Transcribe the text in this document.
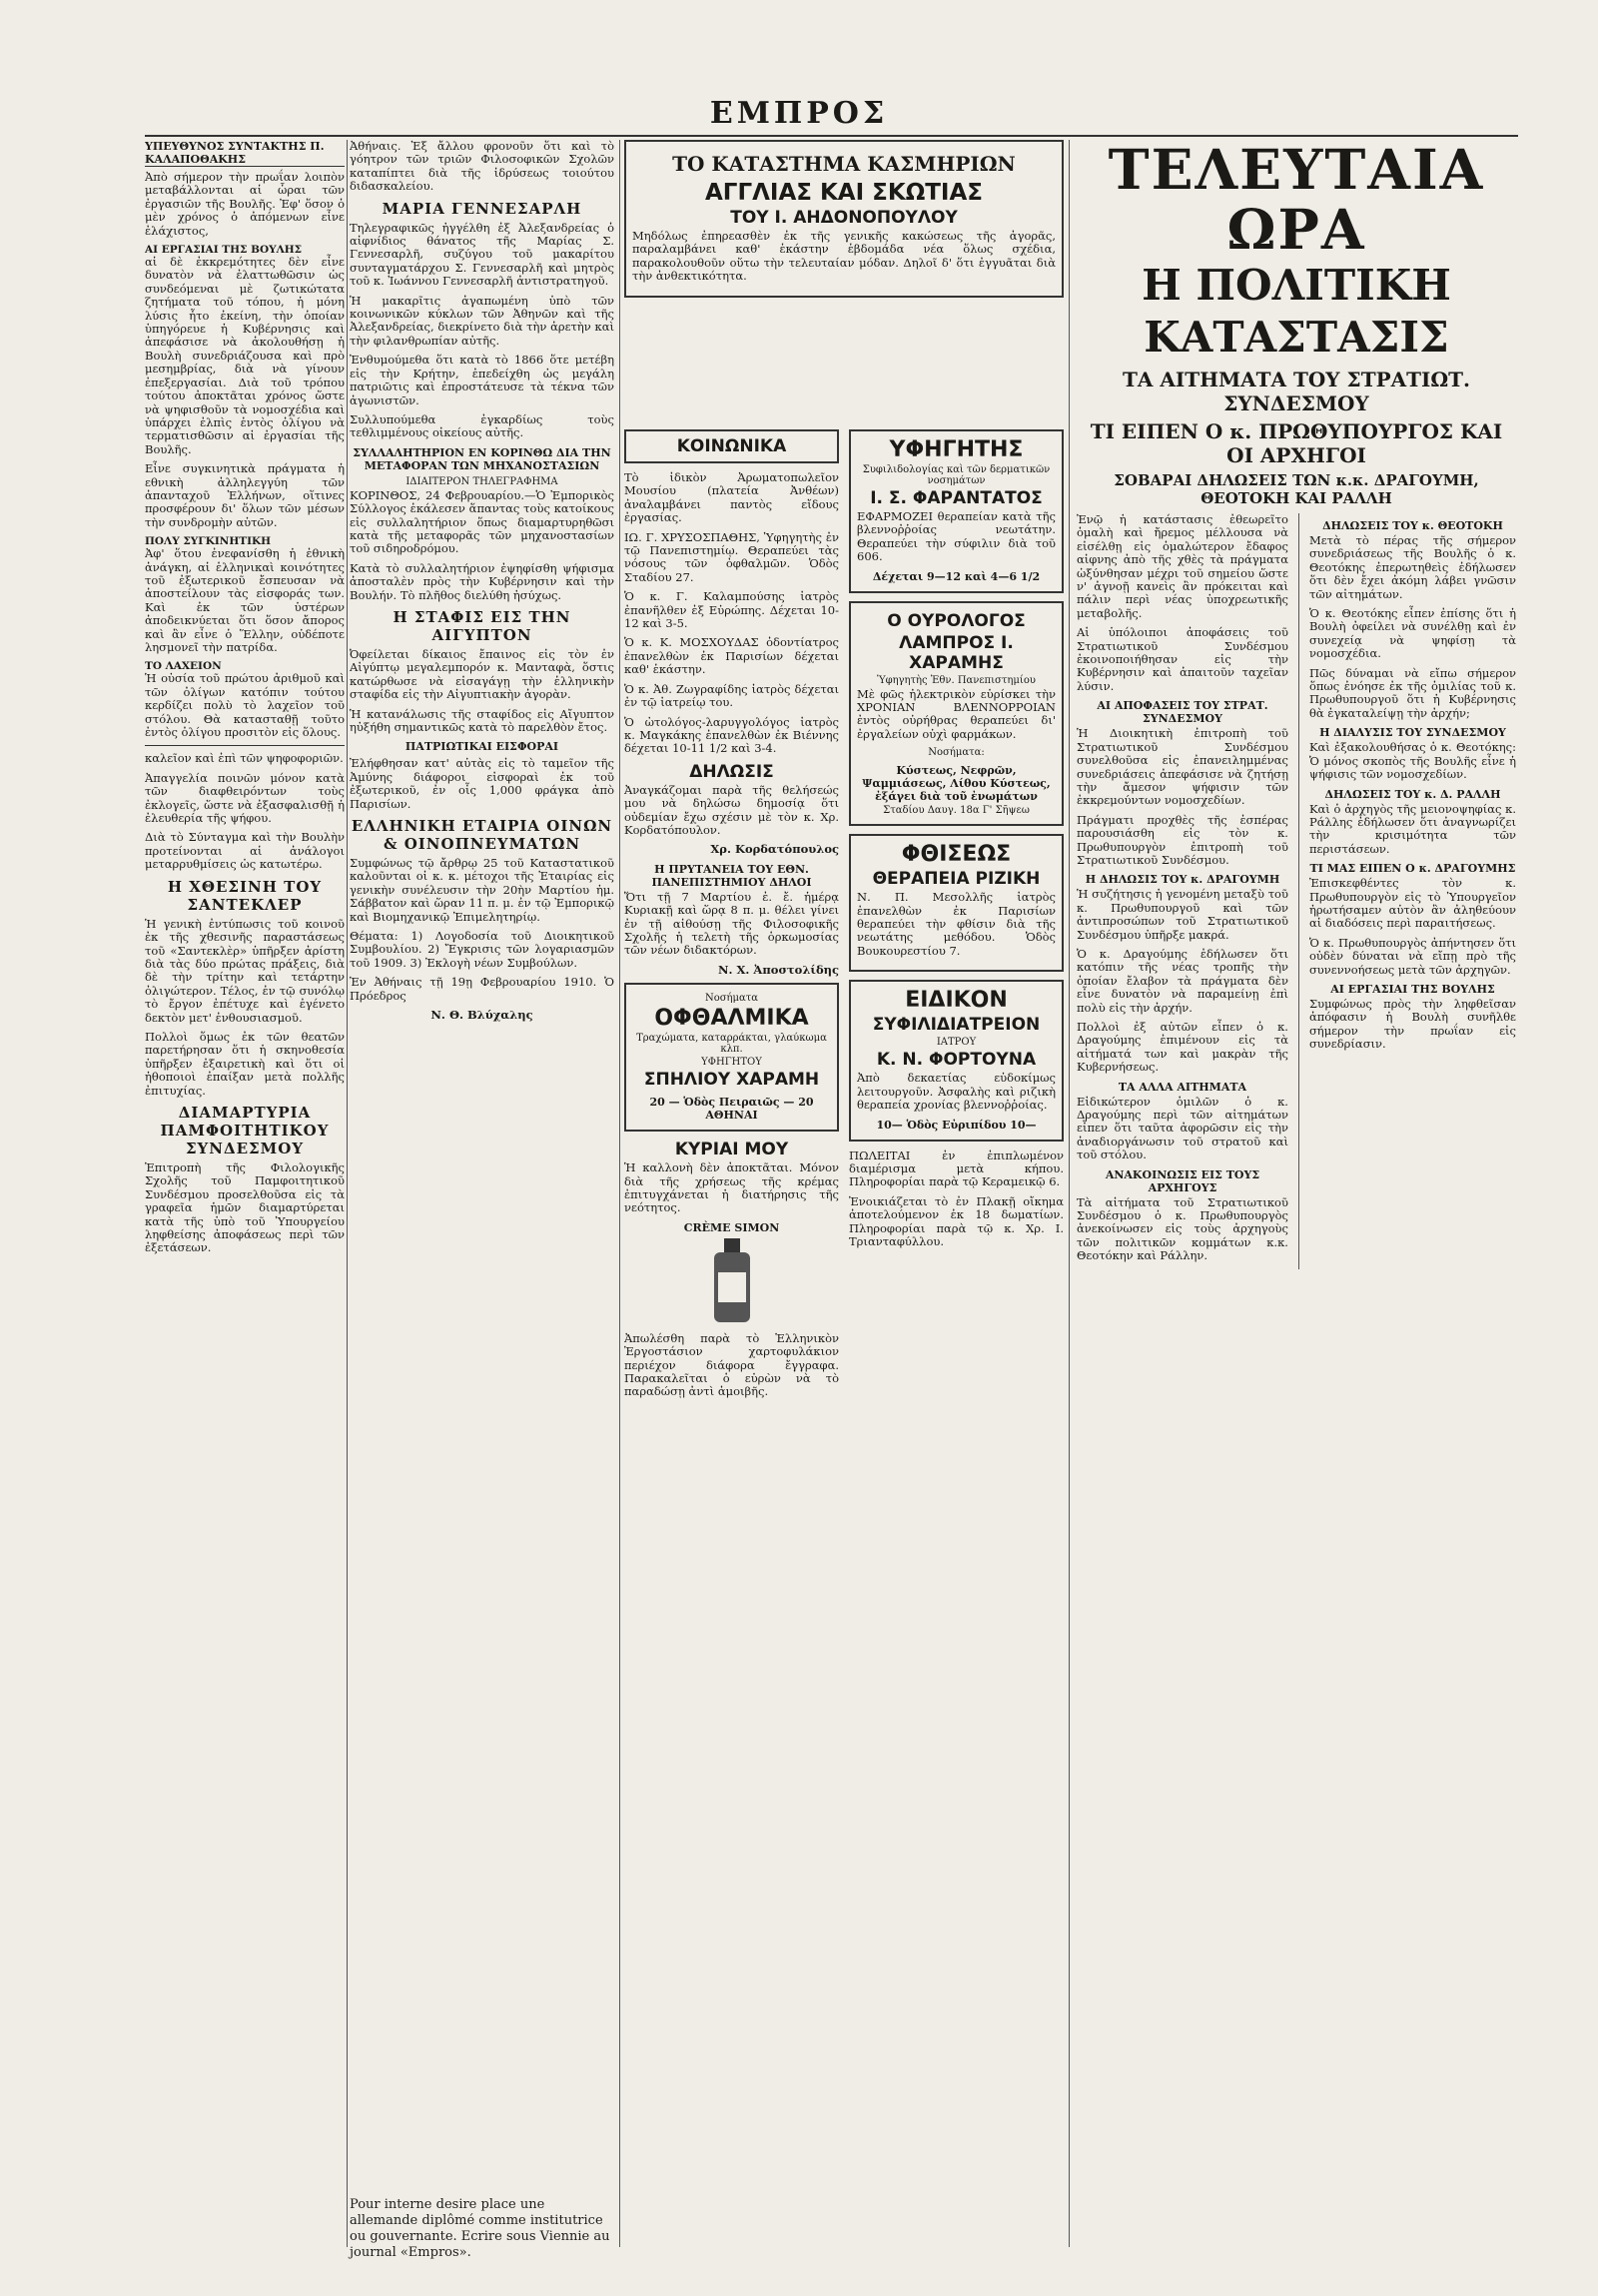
ΕΜΠΡΟΣ
ΥΠΕΥΘΥΝΟΣ ΣΥΝΤΑΚΤΗΣ Π. ΚΑΛΑΠΟΘΑΚΗΣ

Ἀπὸ σήμερον τὴν πρωΐαν λοιπὸν μεταβάλλονται αἱ ὧραι τῶν ἐργασιῶν τῆς Βουλῆς. Ἐφ' ὅσον ὁ μὲν χρόνος ὁ ἀπόμενων εἶνε ἐλάχιστος,

ΑΙ ΕΡΓΑΣΙΑΙ ΤΗΣ ΒΟΥΛΗΣ

αἱ δὲ ἐκκρεμότητες δὲν εἶνε δυνατὸν νὰ ἐλαττωθῶσιν ὡς συνδεόμεναι μὲ ζωτικώτατα ζητήματα τοῦ τόπου, ἡ μόνη λύσις ἦτο ἐκείνη, τὴν ὁποίαν ὑπηγόρευε ἡ Κυβέρνησις καὶ ἀπεφάσισε νὰ ἀκολουθήσῃ ἡ Βουλὴ συνεδριάζουσα καὶ πρὸ μεσημβρίας, διὰ νὰ γίνουν ἐπεξεργασίαι. Διὰ τοῦ τρόπου τούτου ἀποκτᾶται χρόνος ὥστε νὰ ψηφισθοῦν τὰ νομοσχέδια καὶ ὑπάρχει ἐλπὶς ἐντὸς ὀλίγου νὰ τερματισθῶσιν αἱ ἐργασίαι τῆς Βουλῆς.

Εἶνε συγκινητικὰ πράγματα ἡ εθνικὴ ἀλληλεγγύη τῶν ἀπανταχοῦ Ἑλλήνων, οἵτινες προσφέρουν δι' ὅλων τῶν μέσων τὴν συνδρομὴν αὐτῶν.

ΠΟΛΥ ΣΥΓΚΙΝΗΤΙΚΗ

Ἀφ' ὅτου ἐνεφανίσθη ἡ ἐθνικὴ ἀνάγκη, αἱ ἑλληνικαὶ κοινότητες τοῦ ἐξωτερικοῦ ἔσπευσαν νὰ ἀποστείλουν τὰς εἰσφοράς των. Καὶ ἐκ τῶν ὑστέρων ἀποδεικνύεται ὅτι ὅσον ἄπορος καὶ ἂν εἶνε ὁ Ἕλλην, οὐδέποτε λησμονεῖ τὴν πατρίδα.

ΤΟ ΛΑΧΕΙΟΝ

Ἡ οὐσία τοῦ πρώτου ἀριθμοῦ καὶ τῶν ὀλίγων κατόπιν τούτου κερδίζει πολὺ τὸ λαχεῖον τοῦ στόλου. Θὰ κατασταθῇ τοῦτο ἐντὸς ὀλίγου προσιτὸν εἰς ὅλους.

καλεῖον καὶ ἐπὶ τῶν ψηφοφοριῶν.

Ἀπαγγελία ποινῶν μόνον κατὰ τῶν διαφθειρόντων τοὺς ἐκλογεῖς, ὥστε νὰ ἐξασφαλισθῇ ἡ ἐλευθερία τῆς ψήφου.

Διὰ τὸ Σύνταγμα καὶ τὴν Βουλὴν προτείνονται αἱ ἀνάλογοι μεταρρυθμίσεις ὡς κατωτέρω.

Η ΧΘΕΣΙΝΗ ΤΟΥ ΣΑΝΤΕΚΛΕΡ

Ἡ γενικὴ ἐντύπωσις τοῦ κοινοῦ ἐκ τῆς χθεσινῆς παραστάσεως τοῦ «Σαντεκλὲρ» ὑπῆρξεν ἀρίστη διὰ τὰς δύο πρώτας πράξεις, διὰ δὲ τὴν τρίτην καὶ τετάρτην ὀλιγώτερον. Τέλος, ἐν τῷ συνόλῳ τὸ ἔργον ἐπέτυχε καὶ ἐγένετο δεκτὸν μετ' ἐνθουσιασμοῦ.

Πολλοὶ ὅμως ἐκ τῶν θεατῶν παρετήρησαν ὅτι ἡ σκηνοθεσία ὑπῆρξεν ἐξαιρετικὴ καὶ ὅτι οἱ ἠθοποιοὶ ἐπαίξαν μετὰ πολλῆς ἐπιτυχίας.

ΔΙΑΜΑΡΤΥΡΙΑ ΠΑΜΦΟΙΤΗΤΙΚΟΥ ΣΥΝΔΕΣΜΟΥ

Ἐπιτροπὴ τῆς Φιλολογικῆς Σχολῆς τοῦ Παμφοιτητικοῦ Συνδέσμου προσελθοῦσα εἰς τὰ γραφεῖα ἡμῶν διαμαρτύρεται κατὰ τῆς ὑπὸ τοῦ Ὑπουργείου ληφθείσης ἀποφάσεως περὶ τῶν ἐξετάσεων.

Ἀθήναις. Ἐξ ἄλλου φρονοῦν ὅτι καὶ τὸ γόητρον τῶν τριῶν Φιλοσοφικῶν Σχολῶν καταπίπτει διὰ τῆς ἱδρύσεως τοιούτου διδασκαλείου.

ΜΑΡΙΑ ΓΕΝΝΕΣΑΡΛΗ

Τηλεγραφικῶς ἠγγέλθη ἐξ Ἀλεξανδρείας ὁ αἰφνίδιος θάνατος τῆς Μαρίας Σ. Γεννεσαρλῆ, συζύγου τοῦ μακαρίτου συνταγματάρχου Σ. Γεννεσαρλῆ καὶ μητρὸς τοῦ κ. Ἰωάννου Γεννεσαρλῆ ἀντιστρατηγοῦ.

Ἡ μακαρῖτις ἀγαπωμένη ὑπὸ τῶν κοινωνικῶν κύκλων τῶν Ἀθηνῶν καὶ τῆς Ἀλεξανδρείας, διεκρίνετο διὰ τὴν ἀρετὴν καὶ τὴν φιλανθρωπίαν αὐτῆς.

Ἐνθυμούμεθα ὅτι κατὰ τὸ 1866 ὅτε μετέβη εἰς τὴν Κρήτην, ἐπεδείχθη ὡς μεγάλη πατριῶτις καὶ ἐπροστάτευσε τὰ τέκνα τῶν ἀγωνιστῶν.

Συλλυπούμεθα ἐγκαρδίως τοὺς τεθλιμμένους οἰκείους αὐτῆς.

ΣΥΛΛΑΛΗΤΗΡΙΟΝ ΕΝ ΚΟΡΙΝΘΩ ΔΙΑ ΤΗΝ ΜΕΤΑΦΟΡΑΝ ΤΩΝ ΜΗΧΑΝΟΣΤΑΣΙΩΝ
ΙΔΙΑΙΤΕΡΟΝ ΤΗΛΕΓΡΑΦΗΜΑ

ΚΟΡΙΝΘΟΣ, 24 Φεβρουαρίου.—Ὁ Ἐμπορικὸς Σύλλογος ἐκάλεσεν ἅπαντας τοὺς κατοίκους εἰς συλλαλητήριον ὅπως διαμαρτυρηθῶσι κατὰ τῆς μεταφορᾶς τῶν μηχανοστασίων τοῦ σιδηροδρόμου.

Κατὰ τὸ συλλαλητήριον ἐψηφίσθη ψήφισμα ἀποσταλὲν πρὸς τὴν Κυβέρνησιν καὶ τὴν Βουλήν. Τὸ πλῆθος διελύθη ἡσύχως.

Η ΣΤΑΦΙΣ ΕΙΣ ΤΗΝ ΑΙΓΥΠΤΟΝ

Ὀφείλεται δίκαιος ἔπαινος εἰς τὸν ἐν Αἰγύπτῳ μεγαλεμπορόν κ. Μανταφὰ, ὅστις κατώρθωσε νὰ εἰσαγάγῃ τὴν ἑλληνικὴν σταφίδα εἰς τὴν Αἰγυπτιακὴν ἀγορὰν.

Ἡ κατανάλωσις τῆς σταφίδος εἰς Αἴγυπτον ηὐξήθη σημαντικῶς κατὰ τὸ παρελθὸν ἔτος.

ΠΑΤΡΙΩΤΙΚΑΙ ΕΙΣΦΟΡΑΙ

Ἐλήφθησαν κατ' αὐτὰς εἰς τὸ ταμεῖον τῆς Ἀμύνης διάφοροι εἰσφοραὶ ἐκ τοῦ ἐξωτερικοῦ, ἐν οἷς 1,000 φράγκα ἀπὸ Παρισίων.

ΕΛΛΗΝΙΚΗ ΕΤΑΙΡΙΑ ΟΙΝΩΝ & ΟΙΝΟΠΝΕΥΜΑΤΩΝ

Συμφώνως τῷ ἄρθρῳ 25 τοῦ Καταστατικοῦ καλοῦνται οἱ κ. κ. μέτοχοι τῆς Ἑταιρίας εἰς γενικὴν συνέλευσιν τὴν 20ὴν Μαρτίου ἡμ. Σάββατον καὶ ὥραν 11 π. μ. ἐν τῷ Ἐμπορικῷ καὶ Βιομηχανικῷ Ἐπιμελητηρίῳ.

Θέματα: 1) Λογοδοσία τοῦ Διοικητικοῦ Συμβουλίου. 2) Ἔγκρισις τῶν λογαριασμῶν τοῦ 1909. 3) Ἐκλογὴ νέων Συμβούλων.

Ἐν Ἀθήναις τῇ 19ῃ Φεβρουαρίου 1910. Ὁ Πρόεδρος

Ν. Θ. Βλύχαλης

Pour interne desire place une allemande diplômé comme institutrice ou gouvernante. Ecrire sous Viennie au journal «Empros».
ΤΟ ΚΑΤΑΣΤΗΜΑ ΚΑΣΜΗΡΙΩΝ
ΑΓΓΛΙΑΣ ΚΑΙ ΣΚΩΤΙΑΣ
ΤΟΥ Ι. ΑΗΔΟΝΟΠΟΥΛΟΥ

Μηδόλως ἐπηρεασθὲν ἐκ τῆς γενικῆς κακώσεως τῆς ἀγορᾶς, παραλαμβάνει καθ' ἑκάστην ἑβδομάδα νέα ὅλως σχέδια, παρακολουθοῦν οὕτω τὴν τελευταίαν μόδαν. Δηλοῖ δ' ὅτι ἐγγυᾶται διὰ τὴν ἀνθεκτικότητα.

ΚΟΙΝΩΝΙΚΑ

Τὸ ἱδικὸν Ἀρωματοπωλεῖον Μουσίου (πλατεία Ἀνθέων) ἀναλαμβάνει παντὸς εἴδους ἐργασίας.

ΙΩ. Γ. ΧΡΥΣΟΣΠΑΘΗΣ, Ὑφηγητὴς ἐν τῷ Πανεπιστημίῳ. Θεραπεύει τὰς νόσους τῶν ὀφθαλμῶν. Ὁδὸς Σταδίου 27.

Ὁ κ. Γ. Καλαμπούσης ἰατρὸς ἐπανῆλθεν ἐξ Εὐρώπης. Δέχεται 10-12 καὶ 3-5.

Ὁ κ. Κ. ΜΟΣΧΟΥΔΑΣ ὀδοντίατρος ἐπανελθὼν ἐκ Παρισίων δέχεται καθ' ἑκάστην.

Ὁ κ. Ἀθ. Ζωγραφίδης ἰατρὸς δέχεται ἐν τῷ ἰατρείῳ του.

Ὁ ὠτολόγος-λαρυγγολόγος ἰατρὸς κ. Μαγκάκης ἐπανελθὼν ἐκ Βιέννης δέχεται 10-11 1/2 καὶ 3-4.

ΔΗΛΩΣΙΣ

Ἀναγκάζομαι παρὰ τῆς θελήσεώς μου νὰ δηλώσω δημοσίᾳ ὅτι οὐδεμίαν ἔχω σχέσιν μὲ τὸν κ. Χρ. Κορδατόπουλον.

Χρ. Κορδατόπουλος

Η ΠΡΥΤΑΝΕΙΑ ΤΟΥ ΕΘΝ. ΠΑΝΕΠΙΣΤΗΜΙΟΥ ΔΗΛΟΙ

Ὅτι τῇ 7 Μαρτίου ἐ. ἔ. ἡμέρᾳ Κυριακῇ καὶ ὥρᾳ 8 π. μ. θέλει γίνει ἐν τῇ αἰθούσῃ τῆς Φιλοσοφικῆς Σχολῆς ἡ τελετὴ τῆς ὁρκωμοσίας τῶν νέων διδακτόρων.

Ν. Χ. Ἀποστολίδης

Νοσήματα
ΟΦΘΑΛΜΙΚΑ
Τραχώματα, καταρράκται, γλαύκωμα κλπ.
ΥΦΗΓΗΤΟΥ
ΣΠΗΛΙΟΥ ΧΑΡΑΜΗ
20 — Ὁδὸς Πειραιῶς — 20 ΑΘΗΝΑΙ
ΚΥΡΙΑΙ ΜΟΥ

Ἡ καλλονὴ δὲν ἀποκτᾶται. Μόνον διὰ τῆς χρήσεως τῆς κρέμας ἐπιτυγχάνεται ἡ διατήρησις τῆς νεότητος.

CRÈME SIMON

Ἀπωλέσθη παρὰ τὸ Ἑλληνικὸν Ἐργοστάσιον χαρτοφυλάκιον περιέχον διάφορα ἔγγραφα. Παρακαλεῖται ὁ εὑρὼν νὰ τὸ παραδώσῃ ἀντὶ ἀμοιβῆς.

ΥΦΗΓΗΤΗΣ
Συφιλιδολογίας καὶ τῶν δερματικῶν νοσημάτων
Ι. Σ. ΦΑΡΑΝΤΑΤΟΣ

ΕΦΑΡΜΟΖΕΙ θεραπείαν κατὰ τῆς βλεννοῤῥοίας νεωτάτην. Θεραπεύει τὴν σύφιλιν διὰ τοῦ 606.

Δέχεται 9—12 καὶ 4—6 1/2
Ο ΟΥΡΟΛΟΓΟΣ
ΛΑΜΠΡΟΣ Ι. ΧΑΡΑΜΗΣ
Ὑφηγητὴς Ἐθν. Πανεπιστημίου

Μὲ φῶς ἠλεκτρικὸν εὑρίσκει τὴν ΧΡΟΝΙΑΝ ΒΛΕΝΝΟΡΡΟΙΑΝ ἐντὸς οὐρήθρας θεραπεύει δι' ἐργαλείων οὐχὶ φαρμάκων.

Νοσήματα:
Κύστεως, Νεφρῶν, Ψαμμιάσεως, Λίθου Κύστεως, ἐξάγει διὰ τοῦ ἐνωμάτων
Σταδίου Δαυγ. 18α Γ' Σῆψεω
ΦΘΙΣΕΩΣ
ΘΕΡΑΠΕΙΑ ΡΙΖΙΚΗ

Ν. Π. Μεσολλῆς ἰατρὸς ἐπανελθὼν ἐκ Παρισίων θεραπεύει τὴν φθίσιν διὰ τῆς νεωτάτης μεθόδου. Ὁδὸς Βουκουρεστίου 7.

ΕΙΔΙΚΟΝ
ΣΥΦΙΛΙΔΙΑΤΡΕΙΟΝ
ΙΑΤΡΟΥ
Κ. Ν. ΦΟΡΤΟΥΝΑ

Ἀπὸ δεκαετίας εὐδοκίμως λειτουργοῦν. Ἀσφαλὴς καὶ ριζικὴ θεραπεία χρονίας βλεννοῤῥοίας.

10— Ὁδὸς Εὐριπίδου 10—

ΠΩΛΕΙΤΑΙ ἐν ἐπιπλωμένον διαμέρισμα μετὰ κήπου. Πληροφορίαι παρὰ τῷ Κεραμεικῷ 6.

Ἐνοικιάζεται τὸ ἐν Πλακῇ οἴκημα ἀποτελούμενον ἐκ 18 δωματίων. Πληροφορίαι παρὰ τῷ κ. Χρ. Ι. Τριανταφύλλου.

ΤΕΛΕΥΤΑΙΑ ΩΡΑ
Η ΠΟΛΙΤΙΚΗ ΚΑΤΑΣΤΑΣΙΣ
ΤΑ ΑΙΤΗΜΑΤΑ ΤΟΥ ΣΤΡΑΤΙΩΤ. ΣΥΝΔΕΣΜΟΥ
ΤΙ ΕΙΠΕΝ Ο κ. ΠΡΩΘΥΠΟΥΡΓΟΣ ΚΑΙ ΟΙ ΑΡΧΗΓΟΙ
ΣΟΒΑΡΑΙ ΔΗΛΩΣΕΙΣ ΤΩΝ κ.κ. ΔΡΑΓΟΥΜΗ, ΘΕΟΤΟΚΗ ΚΑΙ ΡΑΛΛΗ

Ἐνῷ ἡ κατάστασις ἐθεωρεῖτο ὁμαλὴ καὶ ἤρεμος μέλλουσα νὰ εἰσέλθῃ εἰς ὁμαλώτερον ἔδαφος αἰφνης ἀπὸ τῆς χθὲς τὰ πράγματα ὠξύνθησαν μέχρι τοῦ σημείου ὥστε ν' ἀγνοῇ κανεὶς ἂν πρόκειται καὶ πάλιν περὶ νέας ὑποχρεωτικῆς μεταβολῆς.

Αἱ ὑπόλοιποι ἀποφάσεις τοῦ Στρατιωτικοῦ Συνδέσμου ἐκοινοποιήθησαν εἰς τὴν Κυβέρνησιν καὶ ἀπαιτοῦν ταχεῖαν λύσιν.

ΑΙ ΑΠΟΦΑΣΕΙΣ ΤΟΥ ΣΤΡΑΤ. ΣΥΝΔΕΣΜΟΥ

Ἡ Διοικητικὴ ἐπιτροπὴ τοῦ Στρατιωτικοῦ Συνδέσμου συνελθοῦσα εἰς ἐπανειλημμένας συνεδριάσεις ἀπεφάσισε νὰ ζητήσῃ τὴν ἄμεσον ψήφισιν τῶν ἐκκρεμούντων νομοσχεδίων.

Πράγματι προχθὲς τῆς ἑσπέρας παρουσιάσθη εἰς τὸν κ. Πρωθυπουργὸν ἐπιτροπὴ τοῦ Στρατιωτικοῦ Συνδέσμου.

Η ΔΗΛΩΣΙΣ ΤΟΥ κ. ΔΡΑΓΟΥΜΗ

Ἡ συζήτησις ἡ γενομένη μεταξὺ τοῦ κ. Πρωθυπουργοῦ καὶ τῶν ἀντιπροσώπων τοῦ Στρατιωτικοῦ Συνδέσμου ὑπῆρξε μακρά.

Ὁ κ. Δραγούμης ἐδήλωσεν ὅτι κατόπιν τῆς νέας τροπῆς τὴν ὁποίαν ἔλαβον τὰ πράγματα δὲν εἶνε δυνατὸν νὰ παραμείνῃ ἐπὶ πολὺ εἰς τὴν ἀρχήν.

Πολλοὶ ἐξ αὐτῶν εἶπεν ὁ κ. Δραγούμης ἐπιμένουν εἰς τὰ αἰτήματά των καὶ μακρὰν τῆς Κυβερνήσεως.

ΤΑ ΑΛΛΑ ΑΙΤΗΜΑΤΑ

Εἰδικώτερον ὁμιλῶν ὁ κ. Δραγούμης περὶ τῶν αἰτημάτων εἶπεν ὅτι ταῦτα ἀφορῶσιν εἰς τὴν ἀναδιοργάνωσιν τοῦ στρατοῦ καὶ τοῦ στόλου.

ΑΝΑΚΟΙΝΩΣΙΣ ΕΙΣ ΤΟΥΣ ΑΡΧΗΓΟΥΣ

Τὰ αἰτήματα τοῦ Στρατιωτικοῦ Συνδέσμου ὁ κ. Πρωθυπουργὸς ἀνεκοίνωσεν εἰς τοὺς ἀρχηγοὺς τῶν πολιτικῶν κομμάτων κ.κ. Θεοτόκην καὶ Ράλλην.

ΔΗΛΩΣΕΙΣ ΤΟΥ κ. ΘΕΟΤΟΚΗ

Μετὰ τὸ πέρας τῆς σήμερον συνεδριάσεως τῆς Βουλῆς ὁ κ. Θεοτόκης ἐπερωτηθεὶς ἐδήλωσεν ὅτι δὲν ἔχει ἀκόμη λάβει γνῶσιν τῶν αἰτημάτων.

Ὁ κ. Θεοτόκης εἶπεν ἐπίσης ὅτι ἡ Βουλὴ ὀφείλει νὰ συνέλθῃ καὶ ἐν συνεχείᾳ νὰ ψηφίσῃ τὰ νομοσχέδια.

Πῶς δύναμαι νὰ εἴπω σήμερον ὅπως ἐνόησε ἐκ τῆς ὁμιλίας τοῦ κ. Πρωθυπουργοῦ ὅτι ἡ Κυβέρνησις θὰ ἐγκαταλείψῃ τὴν ἀρχήν;

Η ΔΙΑΛΥΣΙΣ ΤΟΥ ΣΥΝΔΕΣΜΟΥ

Καὶ ἐξακολουθήσας ὁ κ. Θεοτόκης: Ὁ μόνος σκοπὸς τῆς Βουλῆς εἶνε ἡ ψήφισις τῶν νομοσχεδίων.

ΔΗΛΩΣΕΙΣ ΤΟΥ κ. Δ. ΡΑΛΛΗ

Καὶ ὁ ἀρχηγὸς τῆς μειονοψηφίας κ. Ράλλης ἐδήλωσεν ὅτι ἀναγνωρίζει τὴν κρισιμότητα τῶν περιστάσεων.

ΤΙ ΜΑΣ ΕΙΠΕΝ Ο κ. ΔΡΑΓΟΥΜΗΣ

Ἐπισκεφθέντες τὸν κ. Πρωθυπουργὸν εἰς τὸ Ὑπουργεῖον ἠρωτήσαμεν αὐτὸν ἂν ἀληθεύουν αἱ διαδόσεις περὶ παραιτήσεως.

Ὁ κ. Πρωθυπουργὸς ἀπήντησεν ὅτι οὐδὲν δύναται νὰ εἴπῃ πρὸ τῆς συνεννοήσεως μετὰ τῶν ἀρχηγῶν.

ΑΙ ΕΡΓΑΣΙΑΙ ΤΗΣ ΒΟΥΛΗΣ

Συμφώνως πρὸς τὴν ληφθεῖσαν ἀπόφασιν ἡ Βουλὴ συνῆλθε σήμερον τὴν πρωΐαν εἰς συνεδρίασιν.
